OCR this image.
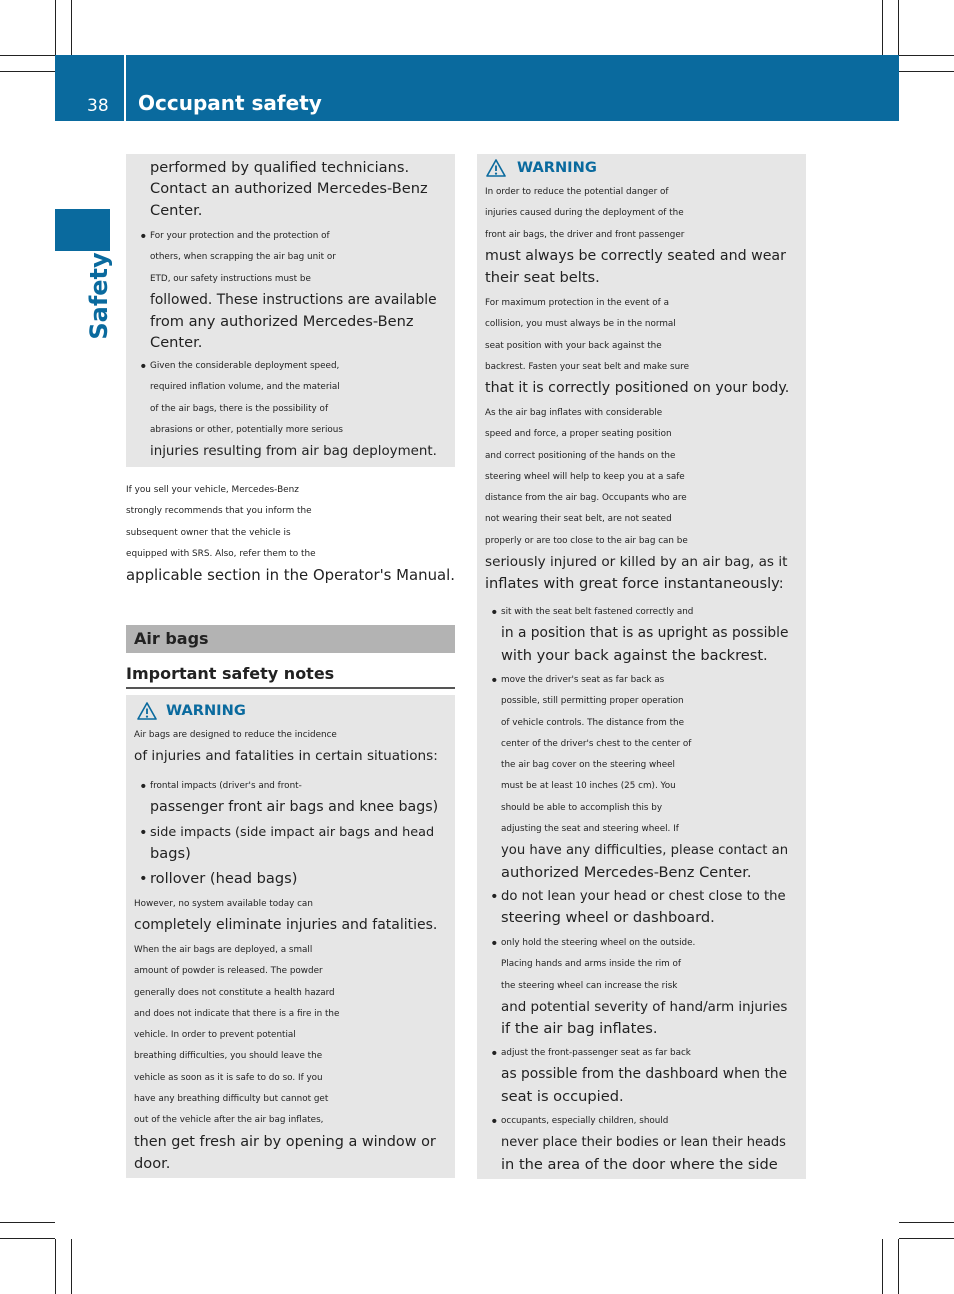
38 Occupant safety
Safety
performed by qualified technicians.
Contact an authorized Mercedes-Benz
Center.
• For your protection and the protection of
others, when scrapping the air bag unit or
ETD, our safety instructions must be
followed. These instructions are available
from any authorized Mercedes-Benz
Center.
• Given the considerable deployment speed,
required inflation volume, and the material
of the air bags, there is the possibility of
abrasions or other, potentially more serious
injuries resulting from air bag deployment.
If you sell your vehicle, Mercedes-Benz
strongly recommends that you inform the
subsequent owner that the vehicle is
equipped with SRS. Also, refer them to the
applicable section in the Operator's Manual.
Air bags
Important safety notes
WARNING
Air bags are designed to reduce the incidence
of injuries and fatalities in certain situations:
• frontal impacts (driver's and front-
passenger front air bags and knee bags)
• side impacts (side impact air bags and head
bags)
• rollover (head bags)
However, no system available today can
completely eliminate injuries and fatalities.
When the air bags are deployed, a small
amount of powder is released. The powder
generally does not constitute a health hazard
and does not indicate that there is a fire in the
vehicle. In order to prevent potential
breathing difficulties, you should leave the
vehicle as soon as it is safe to do so. If you
have any breathing difficulty but cannot get
out of the vehicle after the air bag inflates,
then get fresh air by opening a window or
door.
WARNING
In order to reduce the potential danger of
injuries caused during the deployment of the
front air bags, the driver and front passenger
must always be correctly seated and wear
their seat belts.
For maximum protection in the event of a
collision, you must always be in the normal
seat position with your back against the
backrest. Fasten your seat belt and make sure
that it is correctly positioned on your body.
As the air bag inflates with considerable
speed and force, a proper seating position
and correct positioning of the hands on the
steering wheel will help to keep you at a safe
distance from the air bag. Occupants who are
not wearing their seat belt, are not seated
properly or are too close to the air bag can be
seriously injured or killed by an air bag, as it
inflates with great force instantaneously:
• sit with the seat belt fastened correctly and
in a position that is as upright as possible
with your back against the backrest.
• move the driver's seat as far back as
possible, still permitting proper operation
of vehicle controls. The distance from the
center of the driver's chest to the center of
the air bag cover on the steering wheel
must be at least 10 inches (25 cm). You
should be able to accomplish this by
adjusting the seat and steering wheel. If
you have any difficulties, please contact an
authorized Mercedes-Benz Center.
• do not lean your head or chest close to the
steering wheel or dashboard.
• only hold the steering wheel on the outside.
Placing hands and arms inside the rim of
the steering wheel can increase the risk
and potential severity of hand/arm injuries
if the air bag inflates.
• adjust the front-passenger seat as far back
as possible from the dashboard when the
seat is occupied.
• occupants, especially children, should
never place their bodies or lean their heads
in the area of the door where the side
